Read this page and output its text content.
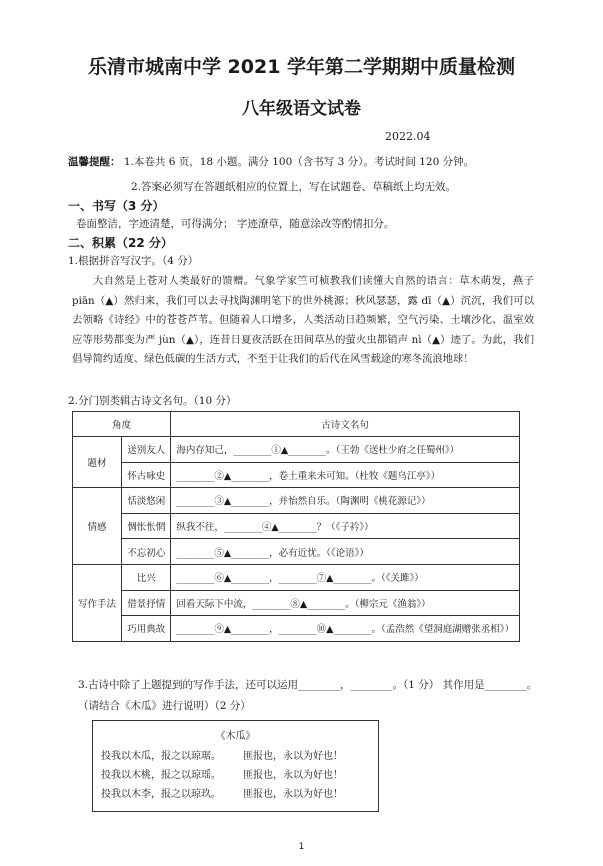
乐清市城南中学 2021 学年第二学期期中质量检测
八年级语文试卷
2022.04
温馨提醒： 1.本卷共 6 页，18 小题。满分 100（含书写 3 分）。考试时间 120 分钟。
2.答案必须写在答题纸相应的位置上，写在试题卷、草稿纸上均无效。
一、书写（3 分）
卷面整洁，字迹清楚，可得满分； 字迹潦草，随意涂改等酌情扣分。
二、积累（22 分）
1.根据拼音写汉字。（4 分）
大自然是上苍对人类最好的馈赠。气象学家竺可桢教我们读懂大自然的语言：草木萌发，燕子piān（▲）然归来，我们可以去寻找陶渊明笔下的世外桃源；秋风瑟瑟，露 dī（▲）沉沉，我们可以去领略《诗经》中的苍苍芦苇。但随着人口增多，人类活动日趋频繁，空气污染、土壤沙化、温室效应等形势都变为严 jùn（▲），连昔日夏夜活跃在田间草丛的萤火虫都销声 nì（▲）迹了。为此，我们倡导简约适度、绿色低碳的生活方式，不至于让我们的后代在风雪载途的寒冬流浪地球！
2.分门别类辑古诗文名句。（10 分）
角度		古诗文名句
题材	送别友人	海内存知己，________①▲________。（王勃《送杜少府之任蜀州》）
	怀古咏史	________②▲________，卷土重来未可知。（杜牧《题乌江亭》）
情感	恬淡悠闲	________③▲________，并怡然自乐。（陶渊明《桃花源记》）
	惆怅怅惘	纵我不往，________④▲________？（《子衿》）
	不忘初心	________⑤▲________，必有近忧。（《论语》）
写作手法	比兴	________⑥▲________，________⑦▲________。（《关雎》）
	借景抒情	回看天际下中流，________⑧▲________。（柳宗元《渔翁》）
	巧用典故	________⑨▲________，________⑩▲________。（孟浩然《望洞庭湖赠张丞相》）
3.古诗中除了上题提到的写作手法，还可以运用________，________。（1 分） 其作用是________。
（请结合《木瓜》进行说明）（2 分）
《木瓜》
投我以木瓜，报之以琼琚。 匪报也，永以为好也！
投我以木桃，报之以琼瑶。 匪报也，永以为好也！
投我以木李，报之以琼玖。 匪报也，永以为好也！
1
